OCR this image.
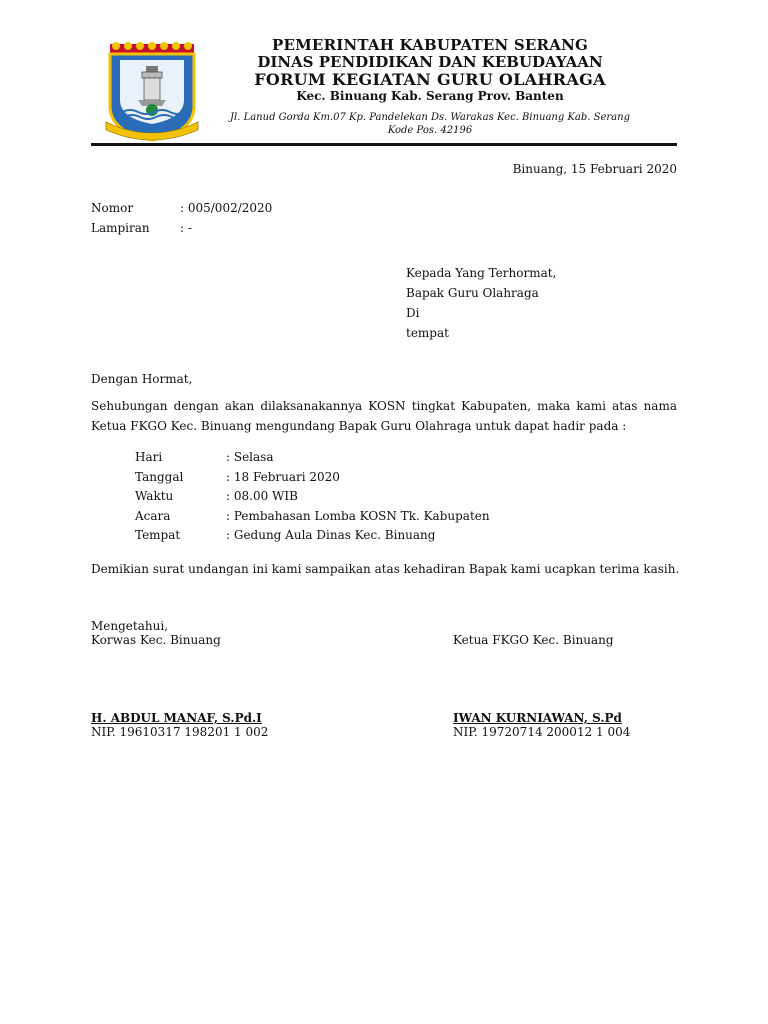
PEMERINTAH KABUPATEN SERANG
DINAS PENDIDIKAN DAN KEBUDAYAAN
FORUM KEGIATAN GURU OLAHRAGA
Kec. Binuang Kab. Serang Prov. Banten
Jl. Lanud Gorda Km.07 Kp. Pandelekan Ds. Warakas Kec. Binuang Kab. Serang
Kode Pos. 42196
Binuang, 15 Februari 2020
Nomor	: 005/002/2020
Lampiran	: -
Kepada Yang Terhormat,
Bapak Guru Olahraga
Di
tempat
Dengan Hormat,
Sehubungan dengan akan dilaksanakannya KOSN tingkat Kabupaten, maka kami atas nama Ketua FKGO Kec. Binuang mengundang Bapak Guru Olahraga untuk dapat hadir pada :
Hari	: Selasa
Tanggal	: 18 Februari 2020
Waktu	: 08.00 WIB
Acara	: Pembahasan Lomba KOSN Tk. Kabupaten
Tempat	: Gedung Aula Dinas Kec. Binuang
Demikian surat undangan ini kami sampaikan atas kehadiran Bapak kami ucapkan terima kasih.
Mengetahui,
Korwas Kec. Binuang	Ketua FKGO Kec. Binuang
H. ABDUL MANAF, S.Pd.I
NIP. 19610317 198201 1 002
IWAN KURNIAWAN, S.Pd
NIP. 19720714 200012 1 004
